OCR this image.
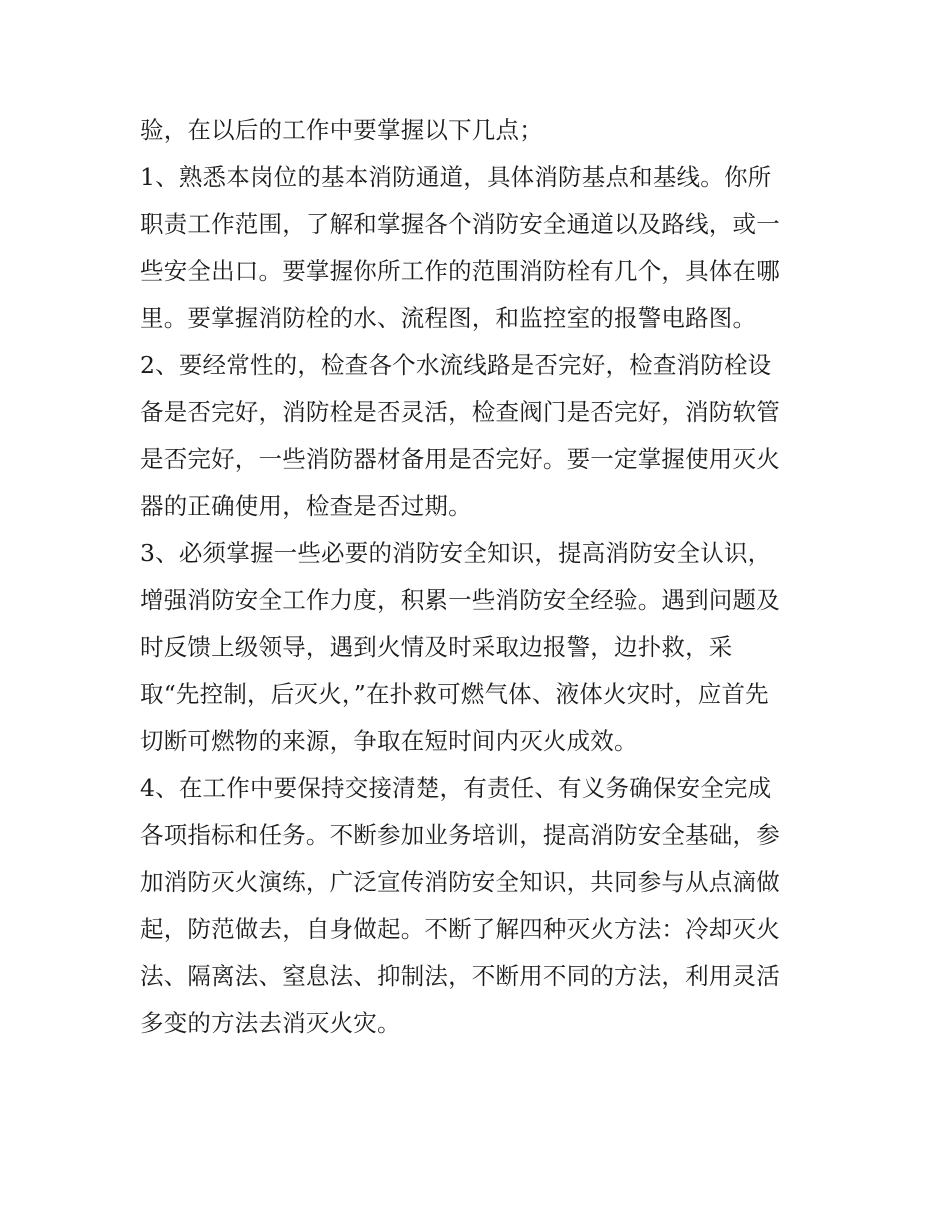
验，在以后的工作中要掌握以下几点；
1、熟悉本岗位的基本消防通道，具体消防基点和基线。你所
职责工作范围，了解和掌握各个消防安全通道以及路线，或一
些安全出口。要掌握你所工作的范围消防栓有几个，具体在哪
里。要掌握消防栓的水、流程图，和监控室的报警电路图。
2、要经常性的，检查各个水流线路是否完好，检查消防栓设
备是否完好，消防栓是否灵活，检查阀门是否完好，消防软管
是否完好，一些消防器材备用是否完好。要一定掌握使用灭火
器的正确使用，检查是否过期。
3、必须掌握一些必要的消防安全知识，提高消防安全认识，
增强消防安全工作力度，积累一些消防安全经验。遇到问题及
时反馈上级领导，遇到火情及时采取边报警，边扑救，采
取“先控制，后灭火，”在扑救可燃气体、液体火灾时，应首先
切断可燃物的来源，争取在短时间内灭火成效。
4、在工作中要保持交接清楚，有责任、有义务确保安全完成
各项指标和任务。不断参加业务培训，提高消防安全基础，参
加消防灭火演练，广泛宣传消防安全知识，共同参与从点滴做
起，防范做去，自身做起。不断了解四种灭火方法：冷却灭火
法、隔离法、窒息法、抑制法，不断用不同的方法，利用灵活
多变的方法去消灭火灾。
